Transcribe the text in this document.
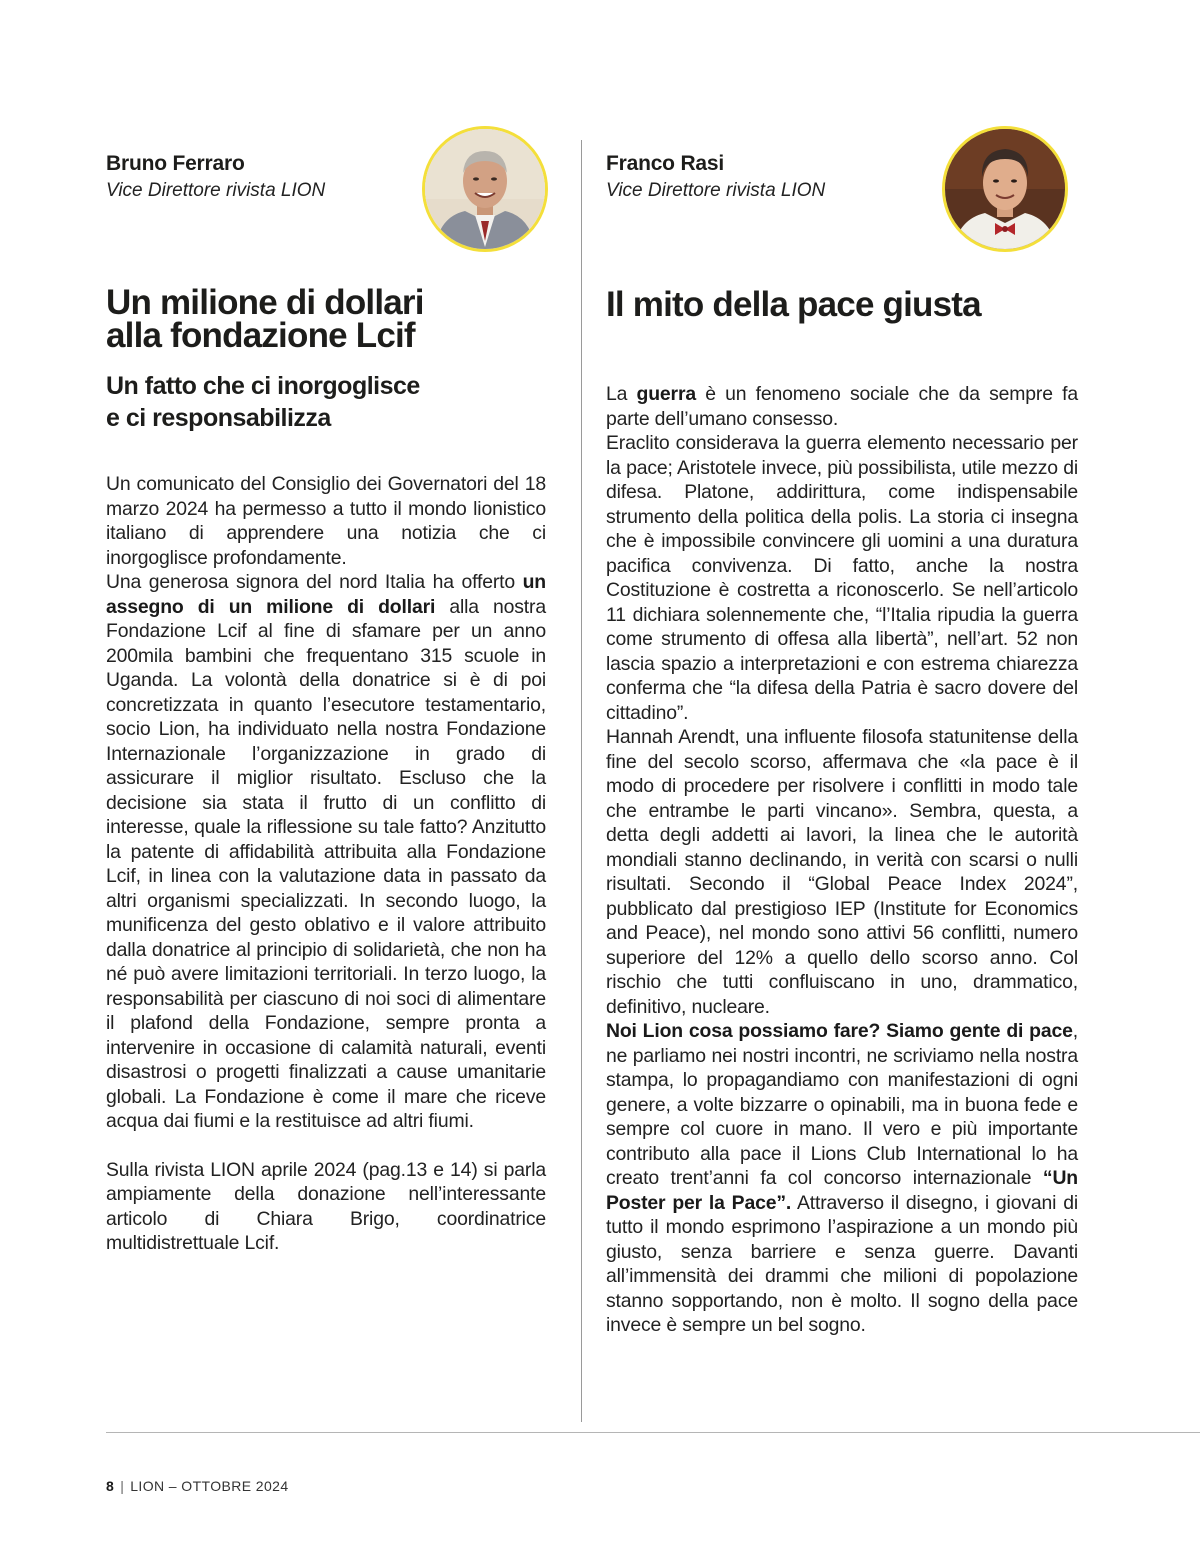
Bruno Ferraro
Vice Direttore rivista LION
Un milione di dollari
alla fondazione Lcif
Un fatto che ci inorgoglisce
e ci responsabilizza

Un comunicato del Consiglio dei Governatori del 18 marzo 2024 ha permesso a tutto il mondo lionistico italiano di apprendere una notizia che ci inorgoglisce profondamente.

Una generosa signora del nord Italia ha offerto un assegno di un milione di dollari alla nostra Fondazione Lcif al fine di sfamare per un anno 200mila bambini che frequentano 315 scuole in Uganda. La volontà della donatrice si è di poi concretizzata in quanto l’esecutore testamentario, socio Lion, ha individuato nella nostra Fondazione Internazionale l’organizzazione in grado di assicurare il miglior risultato. Escluso che la decisione sia stata il frutto di un conflitto di interesse, quale la riflessione su tale fatto? Anzitutto la patente di affidabilità attribuita alla Fondazione Lcif, in linea con la valutazione data in passato da altri organismi specializzati. In secondo luogo, la munificenza del gesto oblativo e il valore attribuito dalla donatrice al principio di solidarietà, che non ha né può avere limitazioni territoriali. In terzo luogo, la responsabilità per ciascuno di noi soci di alimentare il plafond della Fondazione, sempre pronta a intervenire in occasione di calamità naturali, eventi disastrosi o progetti finalizzati a cause umanitarie globali. La Fondazione è come il mare che riceve acqua dai fiumi e la restituisce ad altri fiumi.

Sulla rivista LION aprile 2024 (pag.13 e 14) si parla ampiamente della donazione nell’interessante articolo di Chiara Brigo, coordinatrice multidistrettuale Lcif.

Franco Rasi
Vice Direttore rivista LION
Il mito della pace giusta

La guerra è un fenomeno sociale che da sempre fa parte dell’umano consesso.

Eraclito considerava la guerra elemento necessario per la pace; Aristotele invece, più possibilista, utile mezzo di difesa. Platone, addirittura, come indispensabile strumento della politica della polis. La storia ci insegna che è impossibile convincere gli uomini a una duratura pacifica convivenza. Di fatto, anche la nostra Costituzione è costretta a riconoscerlo. Se nell’articolo 11 dichiara solennemente che, “l’Italia ripudia la guerra come strumento di offesa alla libertà”, nell’art. 52 non lascia spazio a interpretazioni e con estrema chiarezza conferma che “la difesa della Patria è sacro dovere del cittadino”.

Hannah Arendt, una influente filosofa statunitense della fine del secolo scorso, affermava che «la pace è il modo di procedere per risolvere i conflitti in modo tale che entrambe le parti vincano». Sembra, questa, a detta degli addetti ai lavori, la linea che le autorità mondiali stanno declinando, in verità con scarsi o nulli risultati. Secondo il “Global Peace Index 2024”, pubblicato dal prestigioso IEP (Institute for Economics and Peace), nel mondo sono attivi 56 conflitti, numero superiore del 12% a quello dello scorso anno. Col rischio che tutti confluiscano in uno, drammatico, definitivo, nucleare.

Noi Lion cosa possiamo fare? Siamo gente di pace, ne parliamo nei nostri incontri, ne scriviamo nella nostra stampa, lo propagandiamo con manifestazioni di ogni genere, a volte bizzarre o opinabili, ma in buona fede e sempre col cuore in mano. Il vero e più importante contributo alla pace il Lions Club International lo ha creato trent’anni fa col concorso internazionale “Un Poster per la Pace”. Attraverso il disegno, i giovani di tutto il mondo esprimono l’aspirazione a un mondo più giusto, senza barriere e senza guerre. Davanti all’immensità dei drammi che milioni di popolazione stanno sopportando, non è molto. Il sogno della pace invece è sempre un bel sogno.

8 | LION – OTTOBRE 2024
